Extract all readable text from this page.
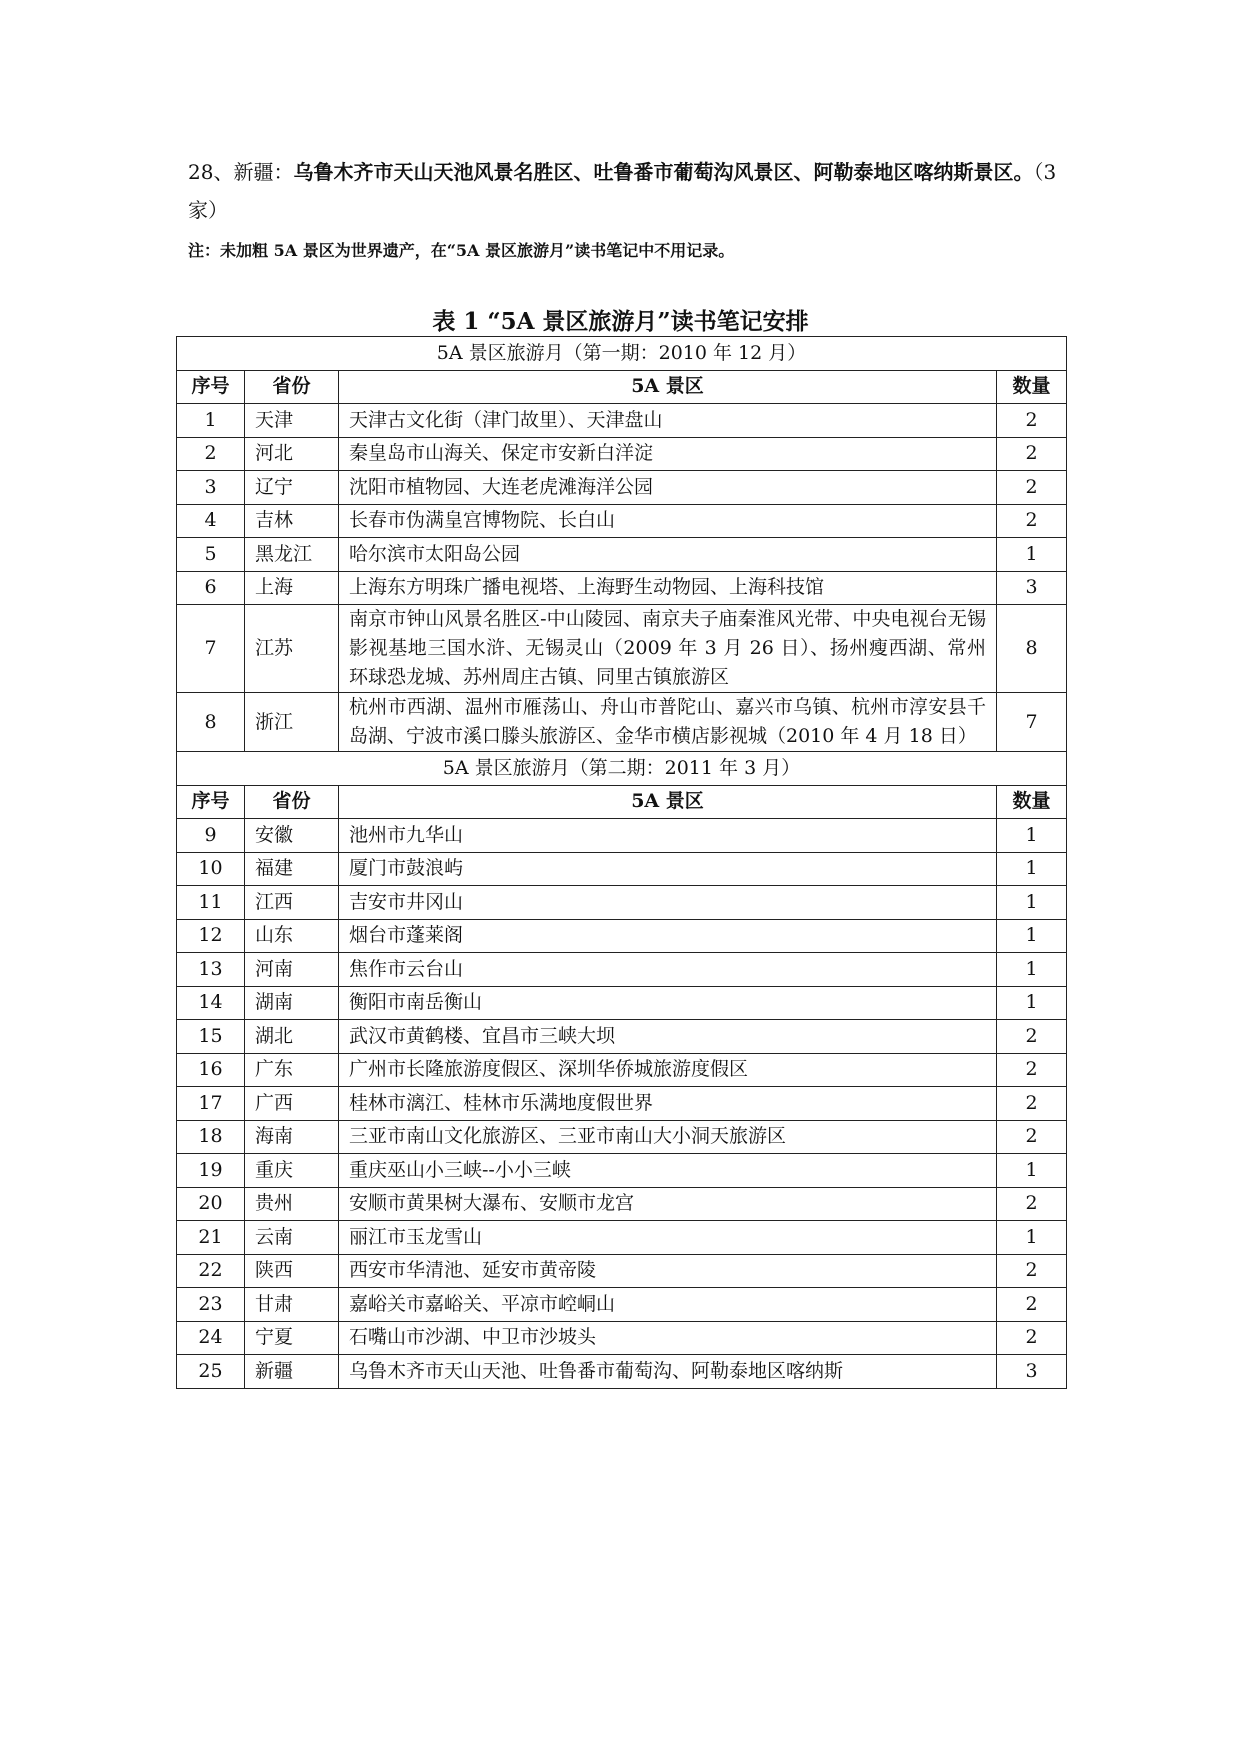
28、新疆：乌鲁木齐市天山天池风景名胜区、吐鲁番市葡萄沟风景区、阿勒泰地区喀纳斯景区。（3 家）
注：未加粗 5A 景区为世界遗产，在“5A 景区旅游月”读书笔记中不用记录。
表 1 “5A 景区旅游月”读书笔记安排
5A 景区旅游月（第一期：2010 年 12 月）			
序号	省份	5A 景区	数量
1	天津	天津古文化街（津门故里）、天津盘山	2
2	河北	秦皇岛市山海关、保定市安新白洋淀	2
3	辽宁	沈阳市植物园、大连老虎滩海洋公园	2
4	吉林	长春市伪满皇宫博物院、长白山	2
5	黑龙江	哈尔滨市太阳岛公园	1
6	上海	上海东方明珠广播电视塔、上海野生动物园、上海科技馆	3
7	江苏	南京市钟山风景名胜区-中山陵园、南京夫子庙秦淮风光带、中央电视台无锡影视基地三国水浒、无锡灵山（2009 年 3 月 26 日）、扬州瘦西湖、常州环球恐龙城、苏州周庄古镇、同里古镇旅游区	8
8	浙江	杭州市西湖、温州市雁荡山、舟山市普陀山、嘉兴市乌镇、杭州市淳安县千岛湖、宁波市溪口滕头旅游区、金华市横店影视城（2010 年 4 月 18 日）	7
5A 景区旅游月（第二期：2011 年 3 月）			
序号	省份	5A 景区	数量
9	安徽	池州市九华山	1
10	福建	厦门市鼓浪屿	1
11	江西	吉安市井冈山	1
12	山东	烟台市蓬莱阁	1
13	河南	焦作市云台山	1
14	湖南	衡阳市南岳衡山	1
15	湖北	武汉市黄鹤楼、宜昌市三峡大坝	2
16	广东	广州市长隆旅游度假区、深圳华侨城旅游度假区	2
17	广西	桂林市漓江、桂林市乐满地度假世界	2
18	海南	三亚市南山文化旅游区、三亚市南山大小洞天旅游区	2
19	重庆	重庆巫山小三峡--小小三峡	1
20	贵州	安顺市黄果树大瀑布、安顺市龙宫	2
21	云南	丽江市玉龙雪山	1
22	陕西	西安市华清池、延安市黄帝陵	2
23	甘肃	嘉峪关市嘉峪关、平凉市崆峒山	2
24	宁夏	石嘴山市沙湖、中卫市沙坡头	2
25	新疆	乌鲁木齐市天山天池、吐鲁番市葡萄沟、阿勒泰地区喀纳斯	3
